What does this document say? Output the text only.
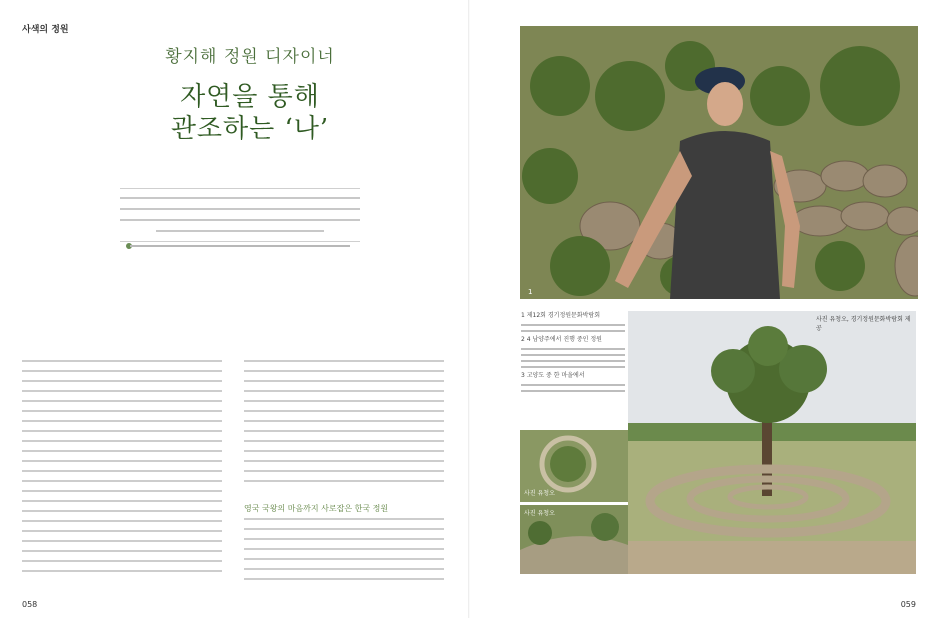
사색의 정원
황지해 정원 디자이너
자연을 통해
관조하는 ‘나’
영국 국왕의 마음까지 사로잡은 한국 정원
058
1
1 제12회 경기정원문화박람회
2 4 남양주에서 진행 중인 정원
3 고양도 중 한 마을에서
사진 유청오
사진 유청오
사진 유청오, 경기정원문화박람회 제공
059
